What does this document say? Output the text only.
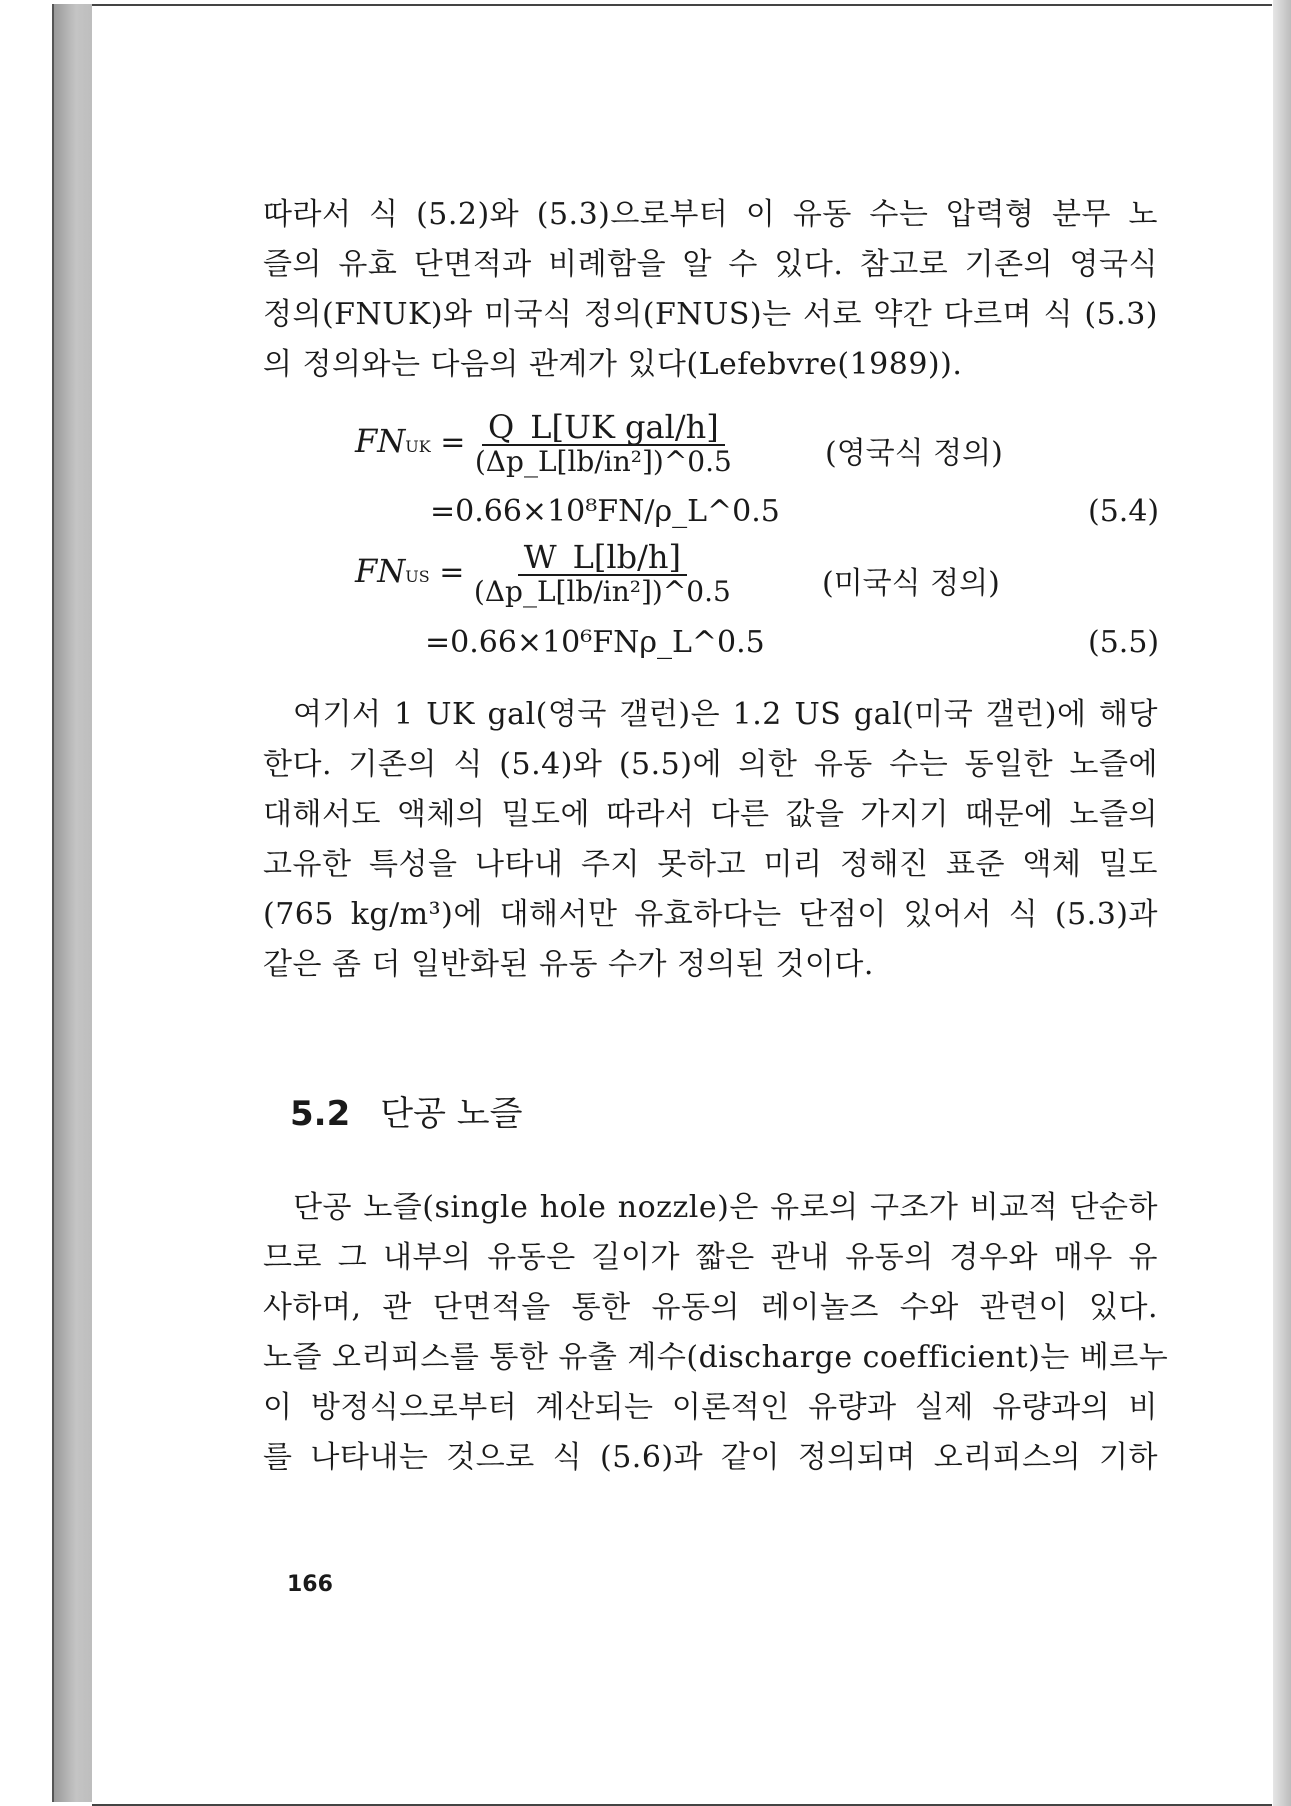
따라서 식 (5.2)와 (5.3)으로부터 이 유동 수는 압력형 분무 노
즐의 유효 단면적과 비례함을 알 수 있다. 참고로 기존의 영국식
정의(FNUK)와 미국식 정의(FNUS)는 서로 약간 다르며 식 (5.3)
의 정의와는 다음의 관계가 있다(Lefebvre(1989)).
FNUK = $\frac{\text{Q\_L[UK gal/h]}}{\text{(Δp\_L[lb/in²])\textasciicircum{}0.5}}$	(영국식 정의)
=0.66×10⁸FN/ρ_L^0.5	(5.4)
FNUS = $\frac{W\_L[lb/h]}{\text{(Δp\_L[lb/in²])\textasciicircum{}0.5}}$	(미국식 정의)
=0.66×10⁶FNρ_L^0.5	(5.5)
여기서 1 UK gal(영국 갤런)은 1.2 US gal(미국 갤런)에 해당
한다. 기존의 식 (5.4)와 (5.5)에 의한 유동 수는 동일한 노즐에
대해서도 액체의 밀도에 따라서 다른 값을 가지기 때문에 노즐의
고유한 특성을 나타내 주지 못하고 미리 정해진 표준 액체 밀도
(765 kg/m³)에 대해서만 유효하다는 단점이 있어서 식 (5.3)과
같은 좀 더 일반화된 유동 수가 정의된 것이다.
5.2 단공 노즐
단공 노즐(single hole nozzle)은 유로의 구조가 비교적 단순하
므로 그 내부의 유동은 길이가 짧은 관내 유동의 경우와 매우 유
사하며, 관 단면적을 통한 유동의 레이놀즈 수와 관련이 있다.
노즐 오리피스를 통한 유출 계수(discharge coefficient)는 베르누
이 방정식으로부터 계산되는 이론적인 유량과 실제 유량과의 비
를 나타내는 것으로 식 (5.6)과 같이 정의되며 오리피스의 기하
166
